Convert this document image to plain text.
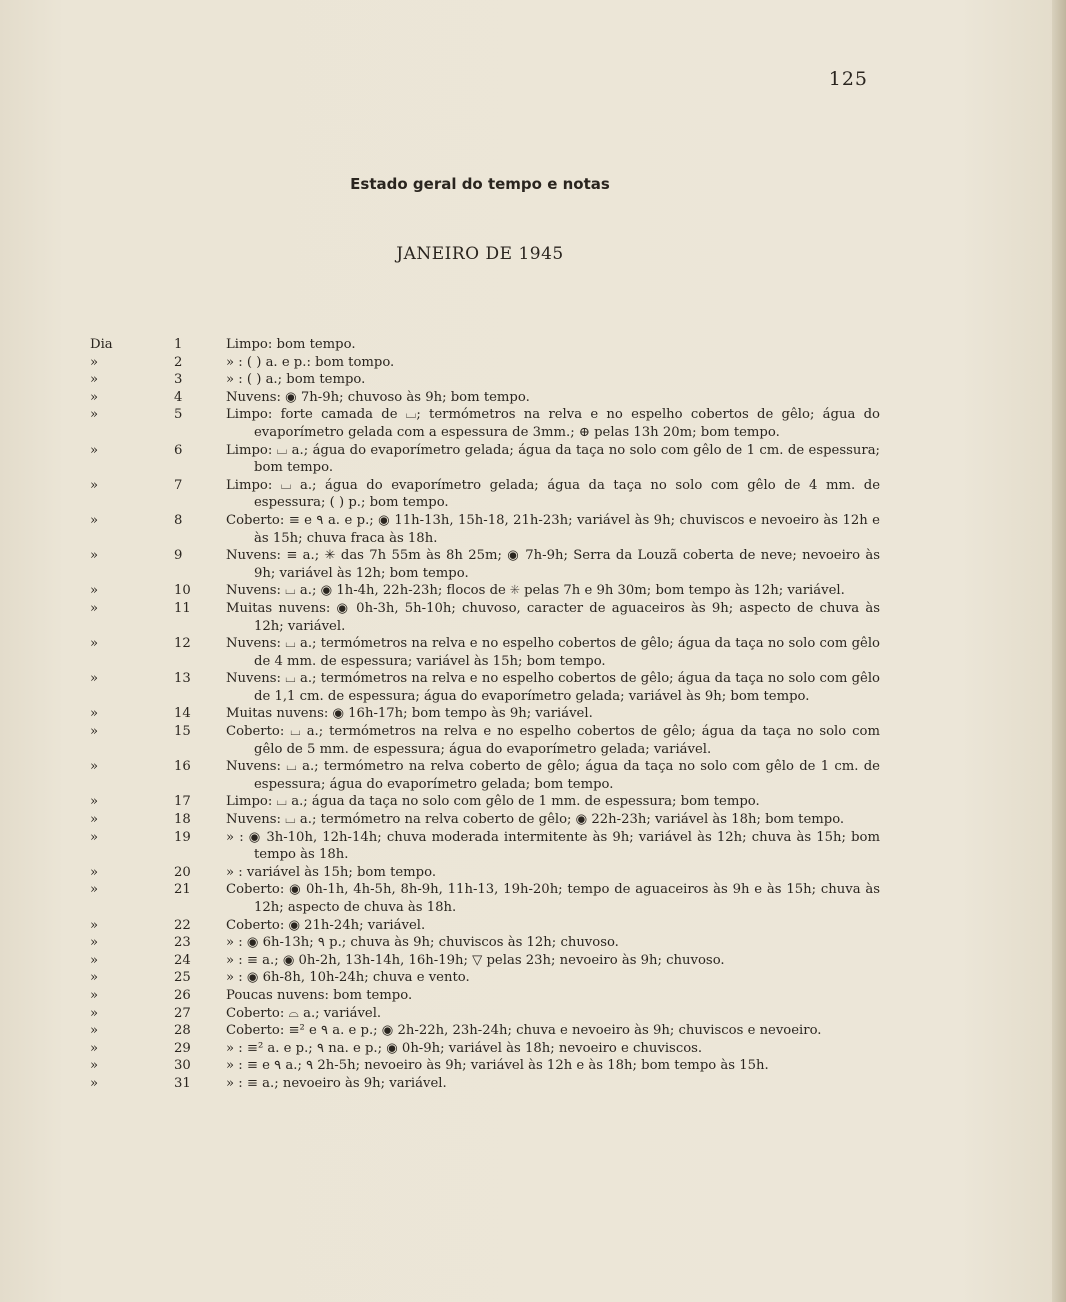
125
Estado geral do tempo e notas
JANEIRO DE 1945
Dia	1	Limpo: bom tempo.
»	2	» : ( ) a. e p.: bom tompo.
»	3	» : ( ) a.; bom tempo.
»	4	Nuvens: ◉ 7h-9h; chuvoso às 9h; bom tempo.
»	5	Limpo: forte camada de ⌴; termómetros na relva e no espelho cobertos de gêlo; água do evaporímetro gelada com a espessura de 3mm.; ⊕ pelas 13h 20m; bom tempo.
»	6	Limpo: ⌴ a.; água do evaporímetro gelada; água da taça no solo com gêlo de 1 cm. de espessura; bom tempo.
»	7	Limpo: ⌴ a.; água do evaporímetro gelada; água da taça no solo com gêlo de 4 mm. de espessura; ( ) p.; bom tempo.
»	8	Coberto: ≡ e ٩ a. e p.; ◉ 11h-13h, 15h-18, 21h-23h; variável às 9h; chuviscos e nevoeiro às 12h e às 15h; chuva fraca às 18h.
»	9	Nuvens: ≡ a.; ✳ das 7h 55m às 8h 25m; ◉ 7h-9h; Serra da Louzã coberta de neve; nevoeiro às 9h; variável às 12h; bom tempo.
»	10	Nuvens: ⌴ a.; ◉ 1h-4h, 22h-23h; flocos de ✳ pelas 7h e 9h 30m; bom tempo às 12h; variável.
»	11	Muitas nuvens: ◉ 0h-3h, 5h-10h; chuvoso, caracter de aguaceiros às 9h; aspecto de chuva às 12h; variável.
»	12	Nuvens: ⌴ a.; termómetros na relva e no espelho cobertos de gêlo; água da taça no solo com gêlo de 4 mm. de espessura; variável às 15h; bom tempo.
»	13	Nuvens: ⌴ a.; termómetros na relva e no espelho cobertos de gêlo; água da taça no solo com gêlo de 1,1 cm. de espessura; água do evaporímetro gelada; variável às 9h; bom tempo.
»	14	Muitas nuvens: ◉ 16h-17h; bom tempo às 9h; variável.
»	15	Coberto: ⌴ a.; termómetros na relva e no espelho cobertos de gêlo; água da taça no solo com gêlo de 5 mm. de espessura; água do evaporímetro gelada; variável.
»	16	Nuvens: ⌴ a.; termómetro na relva coberto de gêlo; água da taça no solo com gêlo de 1 cm. de espessura; água do evaporímetro gelada; bom tempo.
»	17	Limpo: ⌴ a.; água da taça no solo com gêlo de 1 mm. de espessura; bom tempo.
»	18	Nuvens: ⌴ a.; termómetro na relva coberto de gêlo; ◉ 22h-23h; variável às 18h; bom tempo.
»	19	» : ◉ 3h-10h, 12h-14h; chuva moderada intermitente às 9h; variável às 12h; chuva às 15h; bom tempo às 18h.
»	20	» : variável às 15h; bom tempo.
»	21	Coberto: ◉ 0h-1h, 4h-5h, 8h-9h, 11h-13, 19h-20h; tempo de aguaceiros às 9h e às 15h; chuva às 12h; aspecto de chuva às 18h.
»	22	Coberto: ◉ 21h-24h; variável.
»	23	» : ◉ 6h-13h; ٩ p.; chuva às 9h; chuviscos às 12h; chuvoso.
»	24	» : ≡ a.; ◉ 0h-2h, 13h-14h, 16h-19h; ▽ pelas 23h; nevoeiro às 9h; chuvoso.
»	25	» : ◉ 6h-8h, 10h-24h; chuva e vento.
»	26	Poucas nuvens: bom tempo.
»	27	Coberto: ⌓ a.; variável.
»	28	Coberto: ≡² e ٩ a. e p.; ◉ 2h-22h, 23h-24h; chuva e nevoeiro às 9h; chuviscos e nevoeiro.
»	29	» : ≡² a. e p.; ٩ na. e p.; ◉ 0h-9h; variável às 18h; nevoeiro e chuviscos.
»	30	» : ≡ e ٩ a.; ٩ 2h-5h; nevoeiro às 9h; variável às 12h e às 18h; bom tempo às 15h.
»	31	» : ≡ a.; nevoeiro às 9h; variável.
